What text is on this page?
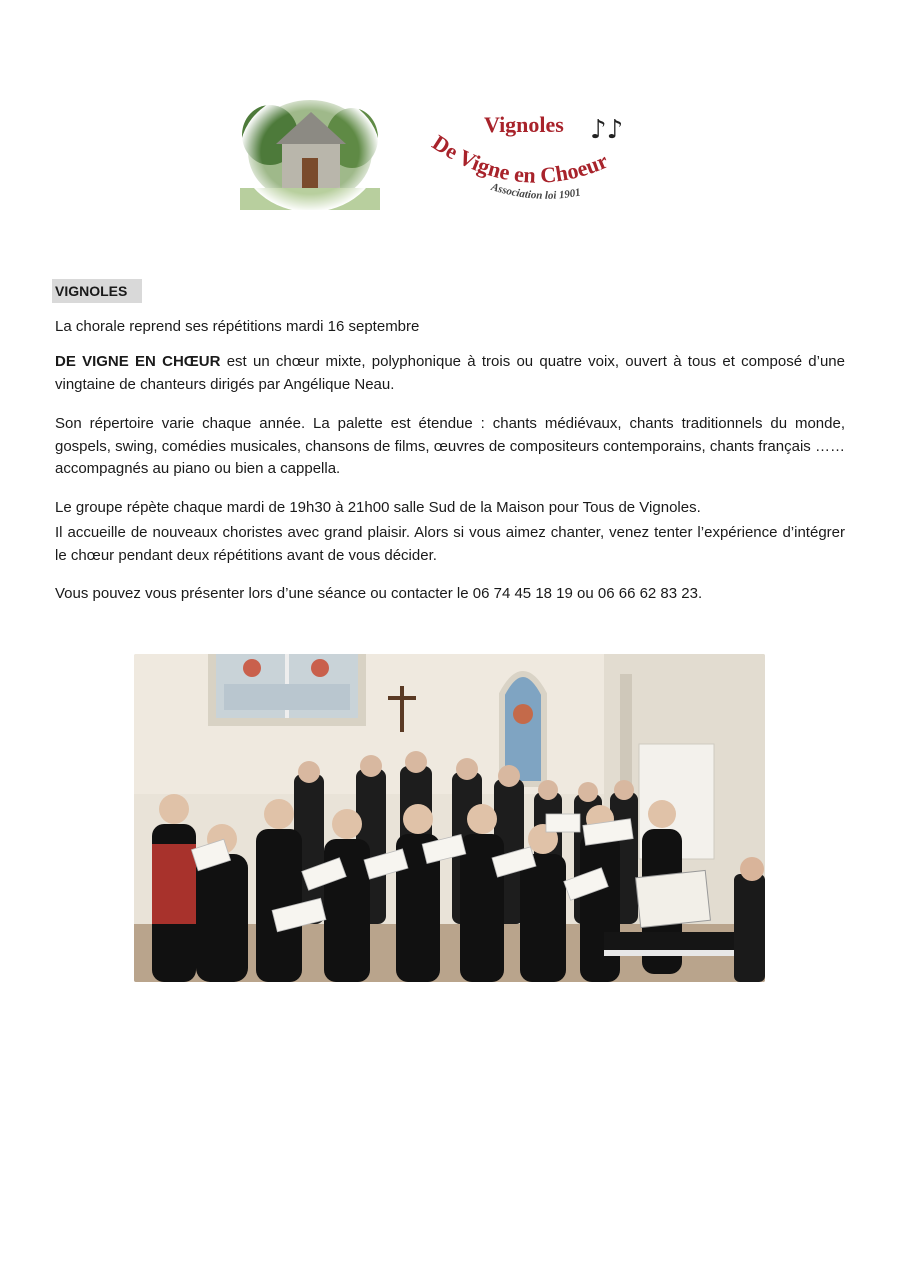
Vignoles ♪♪
De Vigne en Choeur
Association loi 1901
VIGNOLES

La chorale reprend ses répétitions mardi 16 septembre

DE VIGNE EN CHŒUR est un chœur mixte, polyphonique à trois ou quatre voix, ouvert à tous et composé d’une vingtaine de chanteurs dirigés par Angélique Neau.

Son répertoire varie chaque année. La palette est étendue : chants médiévaux, chants traditionnels du monde, gospels, swing, comédies musicales, chansons de films, œuvres de compositeurs contemporains, chants français …… accompagnés au piano ou bien a cappella.

Le groupe répète chaque mardi de 19h30 à 21h00 salle Sud de la Maison pour Tous de Vignoles.

Il accueille de nouveaux choristes avec grand plaisir. Alors si vous aimez chanter, venez tenter l’expérience d’intégrer le chœur pendant deux répétitions avant de vous décider.

Vous pouvez vous présenter lors d’une séance ou contacter le 06 74 45 18 19 ou 06 66 62 83 23.
